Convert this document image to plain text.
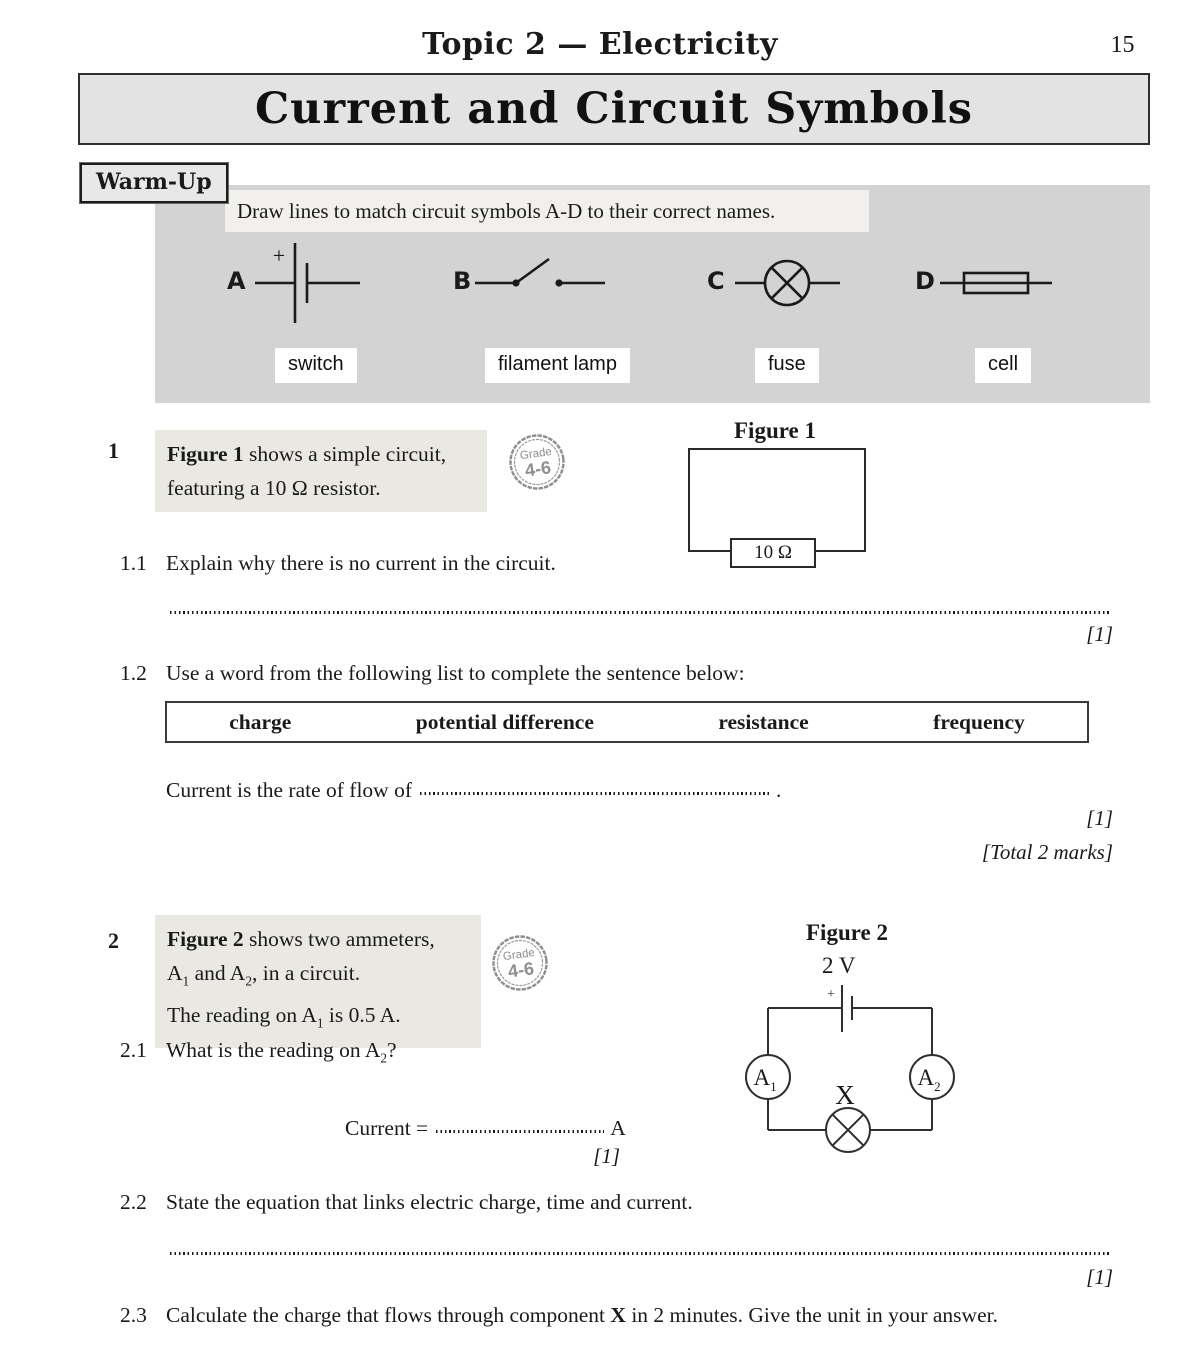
Topic 2 — Electricity	15
Current and Circuit Symbols
Warm-Up
Draw lines to match circuit symbols A-D to their correct names.
A
+
B	C	D
switch	filament lamp	fuse	cell
1 Figure 1 shows a simple circuit,
featuring a 10 Ω resistor.
Grade
4-6
Figure 1
10 Ω
1.1 Explain why there is no current in the circuit.
[1]
1.2 Use a word from the following list to complete the sentence below:
charge	potential difference	resistance	frequency
Current is the rate of flow of	.
[1]
[Total 2 marks]
2 Figure 2 shows two ammeters,
$A_1$ and $A_2$, in a circuit.
The reading on $A_1$ is 0.5 A.
Grade
4-6
Figure 2
2 V
+
$A_1$	$A_2$
X
2.1 What is the reading on $A_2$?
Current =	A
[1]
2.2 State the equation that links electric charge, time and current.
[1]
2.3 Calculate the charge that flows through component X in 2 minutes. Give the unit in your answer.
